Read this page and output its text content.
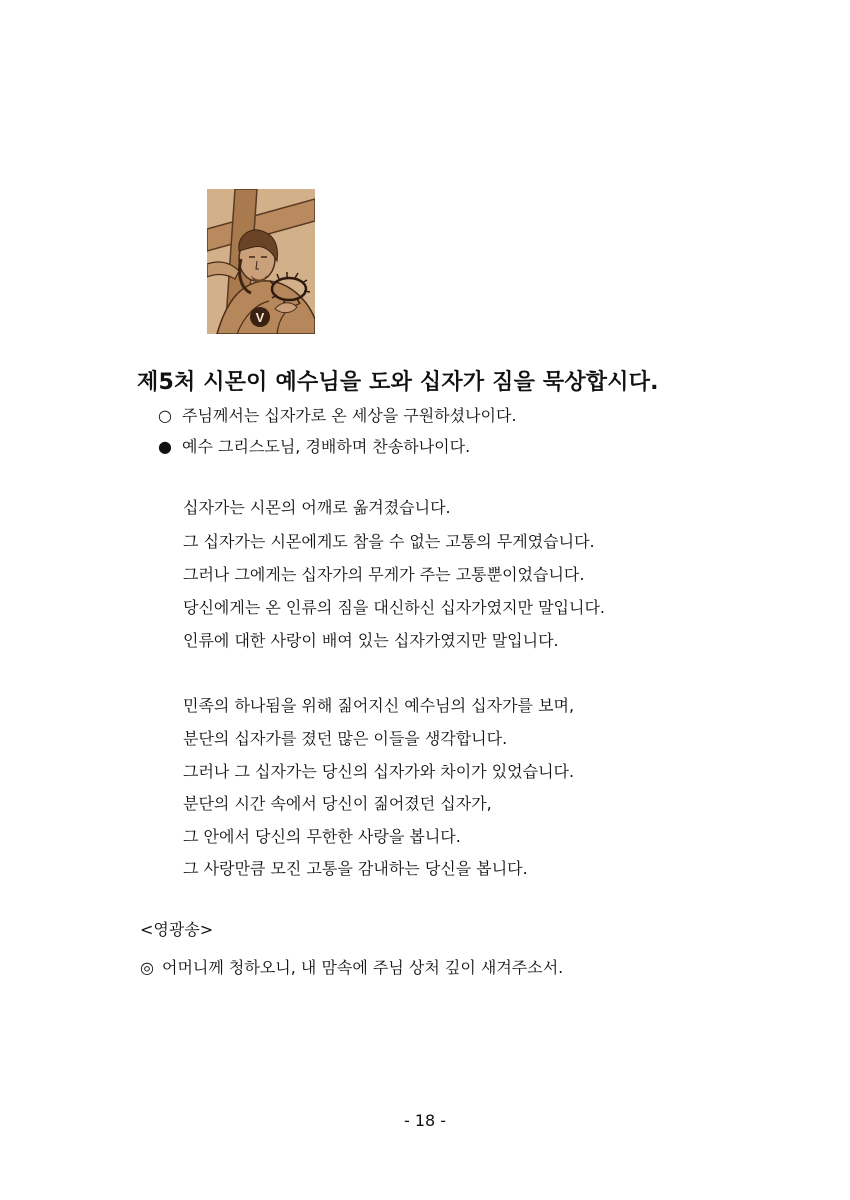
V
제5처 시몬이 예수님을 도와 십자가 짐을 묵상합시다.
○ 주님께서는 십자가로 온 세상을 구원하셨나이다.
● 예수 그리스도님, 경배하며 찬송하나이다.
십자가는 시몬의 어깨로 옮겨졌습니다.
그 십자가는 시몬에게도 참을 수 없는 고통의 무게였습니다.
그러나 그에게는 십자가의 무게가 주는 고통뿐이었습니다.
당신에게는 온 인류의 짐을 대신하신 십자가였지만 말입니다.
인류에 대한 사랑이 배여 있는 십자가였지만 말입니다.
민족의 하나됨을 위해 짊어지신 예수님의 십자가를 보며,
분단의 십자가를 졌던 많은 이들을 생각합니다.
그러나 그 십자가는 당신의 십자가와 차이가 있었습니다.
분단의 시간 속에서 당신이 짊어졌던 십자가,
그 안에서 당신의 무한한 사랑을 봅니다.
그 사랑만큼 모진 고통을 감내하는 당신을 봅니다.
<영광송>
◎ 어머니께 청하오니, 내 맘속에 주님 상처 깊이 새겨주소서.
- 18 -
